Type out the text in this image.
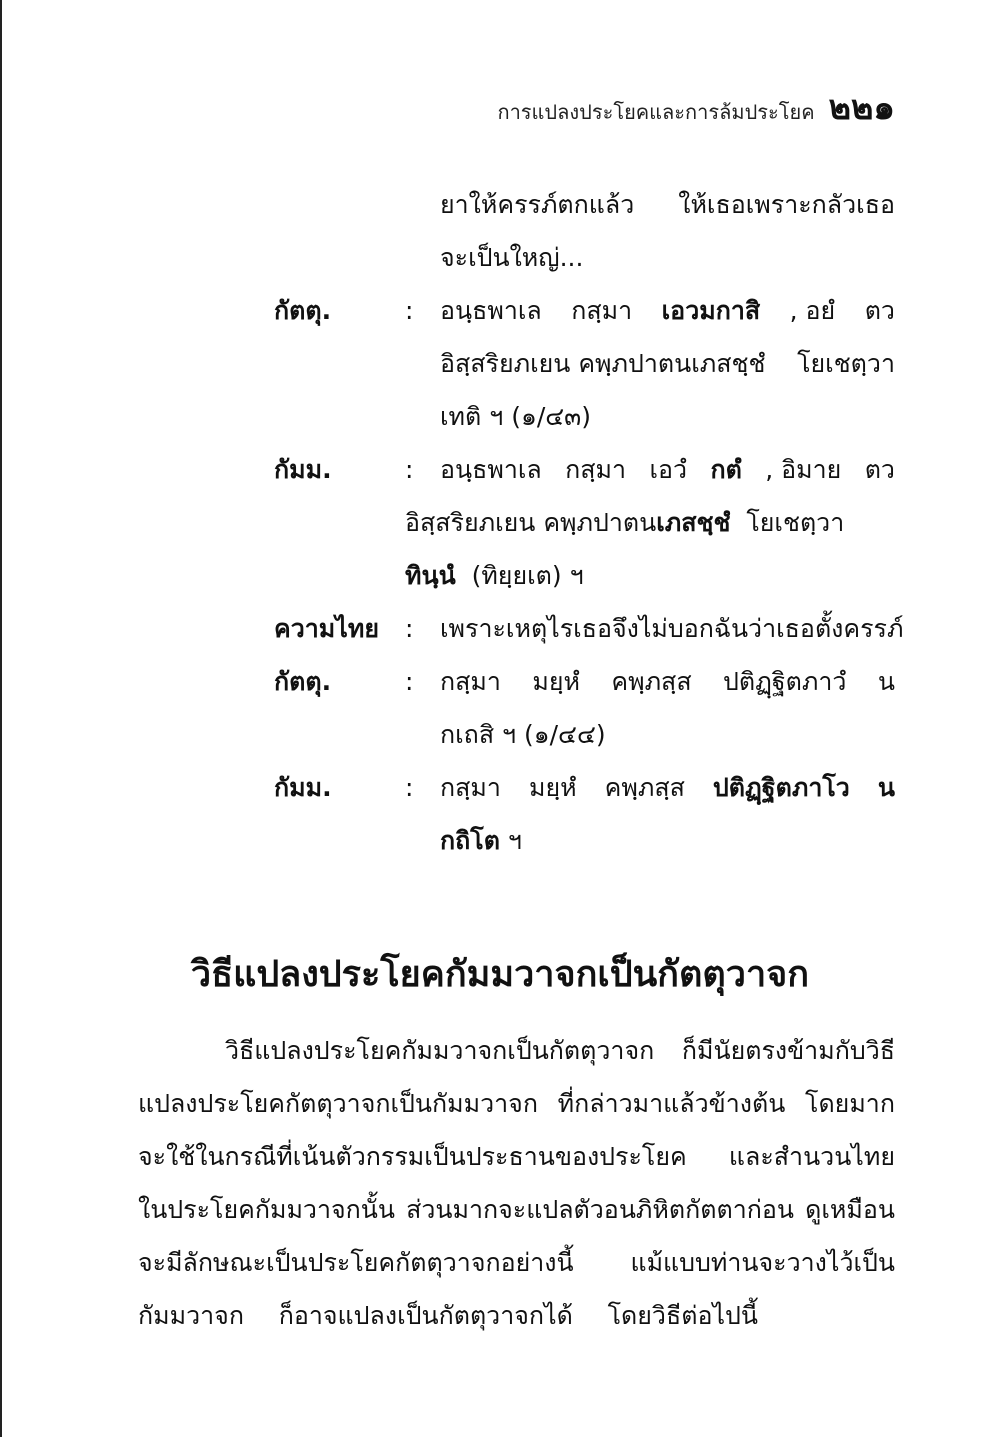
การแปลงประโยคและการล้มประโยค ๒๒๑
ยาให้ครรภ์ตกแล้ว ให้เธอเพราะกลัวเธอ
จะเป็นใหญ่...
กัตตุ.	: อนฺธพาเล กสฺมา เอวมกาสิ , อยํ ตว
อิสฺสริยภเยน คพฺภปาตนเภสชฺชํ โยเชตฺวา
เทติ ฯ (๑/๔๓)
กัมม.	: อนฺธพาเล กสฺมา เอวํ กตํ , อิมาย ตว
อิสฺสริยภเยน คพฺภปาตนเภสชฺชํ โยเชตฺวา
ทินฺนํ (ทิยฺยเต) ฯ
ความไทย : เพราะเหตุไรเธอจึงไม่บอกฉันว่าเธอตั้งครรภ์
กัตตุ.	: กสฺมา มยฺหํ คพฺภสฺส ปติฏฺฐิตภาวํ น
กเถสิ ฯ (๑/๔๔)
กัมม.	: กสฺมา มยฺหํ คพฺภสฺส ปติฏฺฐิตภาโว น
กถิโต ฯ
วิธีแปลงประโยคกัมมวาจกเป็นกัตตุวาจก
วิธีแปลงประโยคกัมมวาจกเป็นกัตตุวาจก ก็มีนัยตรงข้ามกับวิธี
แปลงประโยคกัตตุวาจกเป็นกัมมวาจก ที่กล่าวมาแล้วข้างต้น โดยมาก
จะใช้ในกรณีที่เน้นตัวกรรมเป็นประธานของประโยค และสำนวนไทย
ในประโยคกัมมวาจกนั้น ส่วนมากจะแปลตัวอนภิหิตกัตตาก่อน ดูเหมือน
จะมีลักษณะเป็นประโยคกัตตุวาจกอย่างนี้ แม้แบบท่านจะวางไว้เป็น
กัมมวาจก ก็อาจแปลงเป็นกัตตุวาจกได้ โดยวิธีต่อไปนี้
